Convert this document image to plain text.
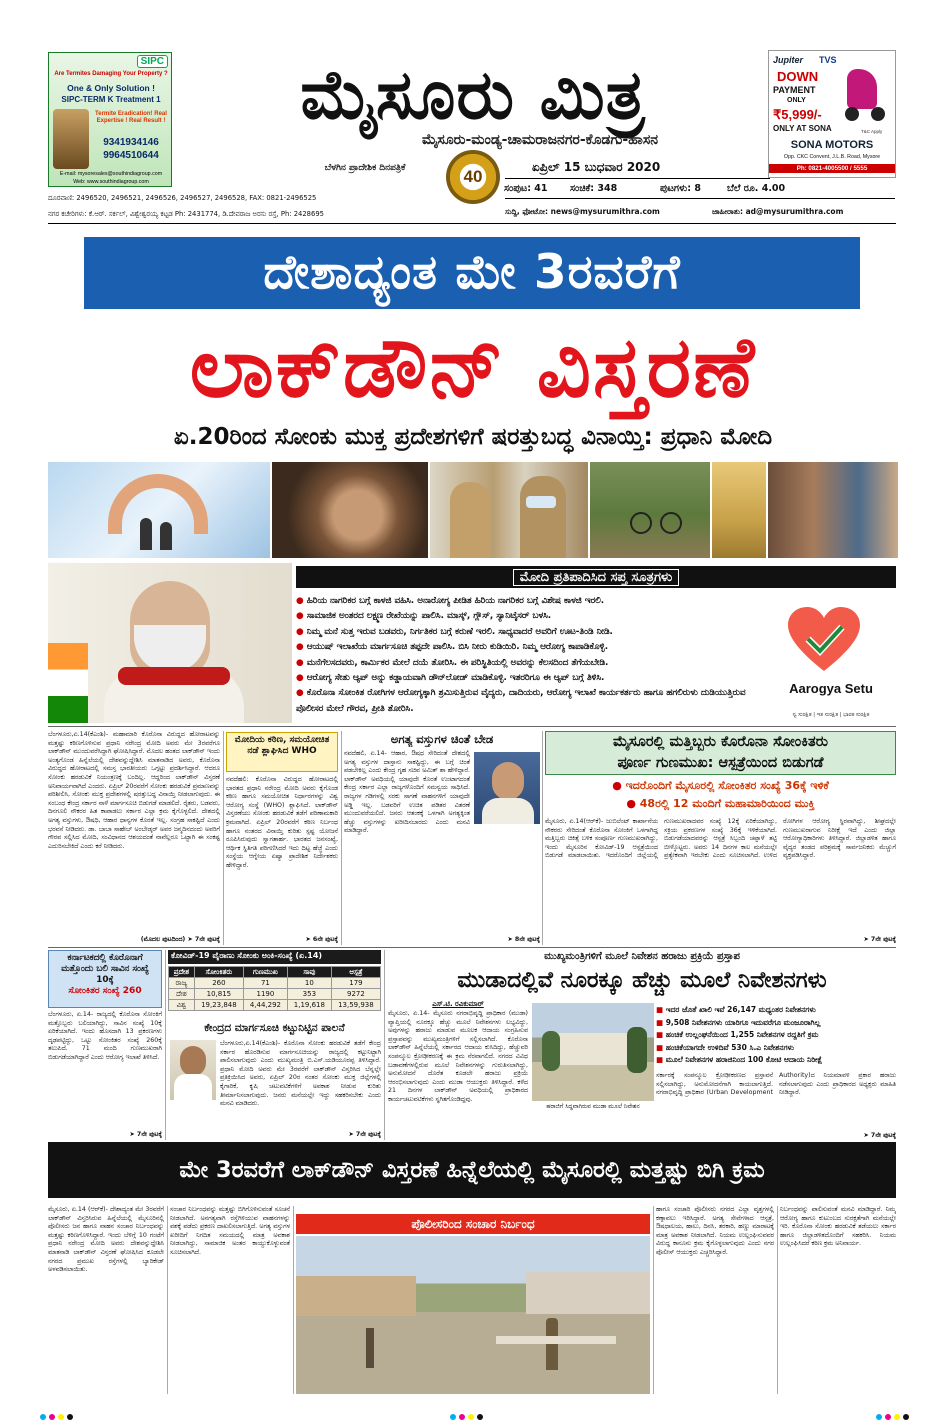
SIPC
Are Termites Damaging Your Property ?
One & Only Solution !
SIPC-TERM K Treatment 1
Termite Eradication! Real Expertise ! Real Result !
9341934146
9964510644
E-mail: mysoresales@southindiagroup.com
Web: www.southindiagroup.com
ಮೈಸೂರು ಮಿತ್ರ
ಮೈಸೂರು-ಮಂಡ್ಯ-ಚಾಮರಾಜನಗರ-ಕೊಡಗು-ಹಾಸನ
ಬೆಳಗಿನ ಪ್ರಾದೇಶಿಕ ದಿನಪತ್ರಿಕೆ	40	ಏಪ್ರಿಲ್ 15 ಬುಧವಾರ 2020
ಸಂಪುಟ: 41 ಸಂಚಿಕೆ: 348	ಪುಟಗಳು: 8	ಬೆಲೆ ರೂ. 4.00
ದೂರವಾಣಿ: 2496520, 2496521, 2496526, 2496527, 2496528, FAX: 0821-2496525
ನಗರ ಕಚೇರಿಗಳು: ಕೆ.ಆರ್. ಸರ್ಕಲ್, ವಿಶ್ವೇಶ್ವರಯ್ಯ ಕಟ್ಟಡ Ph: 2431774, ಡಿ.ದೇವರಾಜ ಅರಸು ರಸ್ತೆ, Ph: 2428695	ಸುದ್ದಿ, ಫೋಟೋ: news@mysurumithra.com	ಜಾಹೀರಾತು: ad@mysurumithra.com
Jupiter TVS
DOWN
PAYMENT
ONLY
₹5,999/-
ONLY AT SONA	T&C Apply
SONA MOTORS
Opp. CKC Convent, J.L.B. Road, Mysore
Ph: 0821-4005500 / 5555
ದೇಶಾದ್ಯಂತ ಮೇ 3ರವರೆಗೆ
ಲಾಕ್‌ಡೌನ್ ವಿಸ್ತರಣೆ
ಏ.20ರಿಂದ ಸೋಂಕು ಮುಕ್ತ ಪ್ರದೇಶಗಳಿಗೆ ಷರತ್ತುಬದ್ಧ ವಿನಾಯ್ತಿ: ಪ್ರಧಾನಿ ಮೋದಿ
ಮೋದಿ ಪ್ರತಿಪಾದಿಸಿದ ಸಪ್ತ ಸೂತ್ರಗಳು
● ಹಿರಿಯ ನಾಗರಿಕರ ಬಗ್ಗೆ ಕಾಳಜಿ ವಹಿಸಿ. ಅನಾರೋಗ್ಯ ಪೀಡಿತ ಹಿರಿಯ ನಾಗರಿಕರ ಬಗ್ಗೆ ವಿಶೇಷ ಕಾಳಜಿ ಇರಲಿ.
● ಸಾಮಾಜಿಕ ಅಂತರದ ಲಕ್ಷ್ಮಣ ರೇಖೆಯನ್ನು ಪಾಲಿಸಿ. ಮಾಸ್ಕ್, ಗ್ಲೌಸ್, ಸ್ಯಾನಿಟೈಸರ್ ಬಳಸಿ.
● ನಿಮ್ಮ ಮನೆ ಸುತ್ತ ಇರುವ ಬಡವರು, ನಿರ್ಗತಿಕರ ಬಗ್ಗೆ ಕರುಣೆ ಇರಲಿ. ಸಾಧ್ಯವಾದರೆ ಅವರಿಗೆ ಊಟ-ತಿಂಡಿ ನೀಡಿ.
● ಆಯುಷ್ ಇಲಾಖೆಯ ಮಾರ್ಗಸೂಚಿ ತಪ್ಪದೇ ಪಾಲಿಸಿ. ಬಿಸಿ ನೀರು ಕುಡಿಯಿರಿ. ನಿಮ್ಮ ಆರೋಗ್ಯ ಕಾಪಾಡಿಕೊಳ್ಳಿ.
● ಮನೆಗೆಲಸದವರು, ಕಾರ್ಮಿಕರ ಮೇಲೆ ದಯೆ ತೋರಿಸಿ. ಈ ಪರಿಸ್ಥಿತಿಯಲ್ಲಿ ಅವರನ್ನು ಕೆಲಸದಿಂದ ತೆಗೆಯಬೇಡಿ.
● ಆರೋಗ್ಯ ಸೇತು ಆ್ಯಪ್ ಅನ್ನು ಕಡ್ಡಾಯವಾಗಿ ಡೌನ್‌ಲೋಡ್ ಮಾಡಿಕೊಳ್ಳಿ. ಇತರರಿಗೂ ಈ ಆ್ಯಪ್ ಬಗ್ಗೆ ತಿಳಿಸಿ.
● ಕೊರೊನಾ ಸೋಂಕಿತ ರೋಗಿಗಳ ಆರೋಗ್ಯಕ್ಕಾಗಿ ಶ್ರಮಿಸುತ್ತಿರುವ ವೈದ್ಯರು, ದಾದಿಯರು, ಆರೋಗ್ಯ ಇಲಾಖೆ ಕಾರ್ಯಕರ್ತರು ಹಾಗೂ ಹಗಲಿರುಳು ದುಡಿಯುತ್ತಿರುವ ಪೊಲೀಸರ ಮೇಲೆ ಗೌರವ, ಪ್ರೀತಿ ತೋರಿಸಿ.
Aarogya Setu
ಸ್ವ ಸುರಕ್ಷಿತ | ಇತ ಸುರಕ್ಷಿತ | ಭಾರತ ಸುರಕ್ಷಿತ
ಬೆಂಗಳೂರು,ಏ.14(ಕೆಎಂಶಿ)- ಮಹಾಮಾರಿ ಕೊರೊನಾ ವಿರುದ್ಧದ ಹೋರಾಟವನ್ನು ಮತ್ತಷ್ಟು ಕಠಿಣಗೊಳಿಸುವ ಪ್ರಧಾನಿ ನರೇಂದ್ರ ಮೋದಿ ಅವರು ಮೇ 3ರವರೆಗೂ ಲಾಕ್‌ಡೌನ್ ಮುಂದುವರೆಸಿದ್ದಾಗಿ ಘೋಷಿಸಿದ್ದಾರೆ. ಮೊದಲ ಹಂತದ ಲಾಕ್‌ಡೌನ್ ಇಂದು ಅಂತ್ಯಗೊಂಡ ಹಿನ್ನೆಲೆಯಲ್ಲಿ ದೇಶವನ್ನುದ್ದೇಶಿಸಿ ಮಾತನಾಡಿದ ಅವರು, ಕೊರೊನಾ ವಿರುದ್ಧದ ಹೋರಾಟದಲ್ಲಿ ಸಮಸ್ತ ಭಾರತೀಯರು ಒಗ್ಗಟ್ಟು ಪ್ರದರ್ಶಿಸಿದ್ದಾರೆ. ಆದರೂ ಸೋಂಕು ಹರಡುವಿಕೆ ನಿಯಂತ್ರಣಕ್ಕೆ ಬಂದಿಲ್ಲ. ಆದ್ದರಿಂದ ಲಾಕ್‌ಡೌನ್ ವಿಸ್ತರಣೆ ಅನಿವಾರ್ಯವಾಗಿದೆ ಎಂದರು. ಏಪ್ರಿಲ್ 20ರವರೆಗೆ ಸೋಂಕು ಹರಡುವಿಕೆ ಪ್ರಮಾಣವನ್ನು ಪರಿಶೀಲಿಸಿ, ಸೋಂಕು ಮುಕ್ತ ಪ್ರದೇಶಗಳಲ್ಲಿ ಷರತ್ತುಬದ್ಧ ವಿನಾಯ್ತಿ ನೀಡಲಾಗುವುದು. ಈ ಸಂಬಂಧ ಕೇಂದ್ರ ಸರ್ಕಾರ ನಾಳೆ ಮಾರ್ಗಸೂಚಿ ಬಿಡುಗಡೆ ಮಾಡಲಿದೆ. ರೈತರು, ಬಡವರು, ದಿನಗೂಲಿ ನೌಕರರ ಹಿತ ಕಾಪಾಡಲು ಸರ್ಕಾರ ಎಲ್ಲಾ ಕ್ರಮ ಕೈಗೊಳ್ಳಲಿದೆ. ದೇಶದಲ್ಲಿ ಅಗತ್ಯ ವಸ್ತುಗಳು, ಔಷಧಿ, ಆಹಾರ ಧಾನ್ಯಗಳ ಕೊರತೆ ಇಲ್ಲ. ಸಂಗ್ರಹ ಸಾಕಷ್ಟಿದೆ ಎಂದು ಭರವಸೆ ನೀಡಿದರು. ಡಾ. ಬಾಬಾ ಸಾಹೇಬ್ ಅಂಬೇಡ್ಕರ್ ಅವರ ಜನ್ಮದಿನದಂದು ಅವರಿಗೆ ಗೌರವ ಸಲ್ಲಿಸಿದ ಮೋದಿ, ಸಂವಿಧಾನದ ಆಶಯದಂತೆ ನಾವೆಲ್ಲರೂ ಒಟ್ಟಾಗಿ ಈ ಸಂಕಷ್ಟ ಎದುರಿಸಬೇಕಿದೆ ಎಂದು ಕರೆ ನೀಡಿದರು.
(ಮೊದಲ ಪುಟದಿಂದ) ➤ 7ನೇ ಪುಟಕ್ಕೆ
ಮೋದಿಯ ಕಠಿಣ, ಸಮಯೋಚಿತ ನಡೆ ಶ್ಲಾಘಿಸಿದ WHO
ನವದೆಹಲಿ: ಕೊರೊನಾ ವಿರುದ್ಧದ ಹೋರಾಟದಲ್ಲಿ ಭಾರತದ ಪ್ರಧಾನಿ ನರೇಂದ್ರ ಮೋದಿ ಅವರು ಕೈಗೊಂಡ ಕಠಿಣ ಹಾಗೂ ಸಮಯೋಚಿತ ನಿರ್ಧಾರಗಳನ್ನು ವಿಶ್ವ ಆರೋಗ್ಯ ಸಂಸ್ಥೆ (WHO) ಶ್ಲಾಘಿಸಿದೆ. ಲಾಕ್‌ಡೌನ್ ವಿಸ್ತರಣೆಯು ಸೋಂಕು ಹರಡುವಿಕೆ ತಡೆಗೆ ಪರಿಣಾಮಕಾರಿ ಕ್ರಮವಾಗಿದೆ. ಏಪ್ರಿಲ್ 20ರವರೆಗೆ ಕಠಿಣ ನಿರ್ಬಂಧ ಹಾಗೂ ನಂತರದ ವಿನಾಯ್ತಿ ಕುರಿತು ಸ್ಪಷ್ಟ ಯೋಜನೆ ರೂಪಿಸಿರುವುದು ಸ್ವಾಗತಾರ್ಹ. ಭಾರತದ ಜನಸಂಖ್ಯೆ, ಆರ್ಥಿಕ ಸ್ಥಿತಿಗತಿ ಪರಿಗಣಿಸಿದರೆ ಇದು ದಿಟ್ಟ ಹೆಜ್ಜೆ ಎಂದು ಸಂಸ್ಥೆಯ ಆಗ್ನೇಯ ಏಷ್ಯಾ ಪ್ರಾದೇಶಿಕ ನಿರ್ದೇಶಕರು ಹೇಳಿದ್ದಾರೆ.
➤ 6ನೇ ಪುಟಕ್ಕೆ
ಅಗತ್ಯ ವಸ್ತುಗಳ ಚಿಂತೆ ಬೇಡ
ನವದೆಹಲಿ, ಏ.14- ಆಹಾರ, ಔಷಧ ಸೇರಿದಂತೆ ದೇಶದಲ್ಲಿ ಅಗತ್ಯ ವಸ್ತುಗಳ ದಾಸ್ತಾನು ಸಾಕಷ್ಟಿದ್ದು, ಈ ಬಗ್ಗೆ ಚಿಂತೆ ಪಡಬೇಕಿಲ್ಲ ಎಂದು ಕೇಂದ್ರ ಗೃಹ ಸಚಿವ ಅಮಿತ್ ಶಾ ಹೇಳಿದ್ದಾರೆ. ಲಾಕ್‌ಡೌನ್ ಅವಧಿಯಲ್ಲಿ ಯಾವುದೇ ಕೊರತೆ ಉಂಟಾಗದಂತೆ ಕೇಂದ್ರ ಸರ್ಕಾರ ಎಲ್ಲಾ ರಾಜ್ಯಗಳೊಂದಿಗೆ ಸಮನ್ವಯ ಸಾಧಿಸಿದೆ. ರಾಜ್ಯಗಳ ಗಡಿಗಳಲ್ಲಿ ಸರಕು ಸಾಗಣೆ ವಾಹನಗಳಿಗೆ ಯಾವುದೇ ಅಡ್ಡಿ ಇಲ್ಲ. ಬಡವರಿಗೆ ಉಚಿತ ಪಡಿತರ ವಿತರಣೆ ಮುಂದುವರೆಯಲಿದೆ. ಜನರು ಆತಂಕಕ್ಕೆ ಒಳಗಾಗಿ ಅಗತ್ಯಕ್ಕಿಂತ ಹೆಚ್ಚು ವಸ್ತುಗಳನ್ನು ಖರೀದಿಸಬಾರದು ಎಂದು ಮನವಿ ಮಾಡಿದ್ದಾರೆ.
➤ 8ನೇ ಪುಟಕ್ಕೆ
ಮೈಸೂರಲ್ಲಿ ಮತ್ತಿಬ್ಬರು ಕೊರೊನಾ ಸೋಂಕಿತರು
ಪೂರ್ಣ ಗುಣಮುಖ: ಆಸ್ಪತ್ರೆಯಿಂದ ಬಿಡುಗಡೆ
● ಇದರೊಂದಿಗೆ ಮೈಸೂರಲ್ಲಿ ಸೋಂಕಿತರ ಸಂಖ್ಯೆ 36ಕ್ಕೆ ಇಳಿಕೆ
● 48ರಲ್ಲಿ 12 ಮಂದಿಗೆ ಮಹಾಮಾರಿಯಿಂದ ಮುಕ್ತಿ
ಮೈಸೂರು, ಏ.14(ಆರ್‌ಕೆ)- ಜುಬಿಲೆಂಟ್ ಕಾರ್ಖಾನೆಯ ನೌಕರರು ಸೇರಿದಂತೆ ಕೊರೊನಾ ಸೋಂಕಿಗೆ ಒಳಗಾಗಿದ್ದ ಮತ್ತಿಬ್ಬರು ಚಿಕಿತ್ಸೆ ಬಳಿಕ ಸಂಪೂರ್ಣ ಗುಣಮುಖರಾಗಿದ್ದು, ಇಂದು ಮೈಸೂರಿನ ಕೋವಿಡ್-19 ಆಸ್ಪತ್ರೆಯಿಂದ ಬಿಡುಗಡೆ ಮಾಡಲಾಯಿತು. ಇದರೊಂದಿಗೆ ಜಿಲ್ಲೆಯಲ್ಲಿ ಗುಣಮುಖರಾದವರ ಸಂಖ್ಯೆ 12ಕ್ಕೆ ಏರಿಕೆಯಾಗಿದ್ದು, ಸಕ್ರಿಯ ಪ್ರಕರಣಗಳ ಸಂಖ್ಯೆ 36ಕ್ಕೆ ಇಳಿಕೆಯಾಗಿದೆ. ಬಿಡುಗಡೆಯಾದವರನ್ನು ಆಸ್ಪತ್ರೆ ಸಿಬ್ಬಂದಿ ಚಪ್ಪಾಳೆ ತಟ್ಟಿ ಬೀಳ್ಕೊಟ್ಟರು. ಅವರು 14 ದಿನಗಳ ಕಾಲ ಮನೆಯಲ್ಲೇ ಪ್ರತ್ಯೇಕವಾಗಿ ಇರಬೇಕು ಎಂದು ಸೂಚಿಸಲಾಗಿದೆ. ಉಳಿದ ರೋಗಿಗಳ ಆರೋಗ್ಯ ಸ್ಥಿರವಾಗಿದ್ದು, ಶೀಘ್ರದಲ್ಲೇ ಗುಣಮುಖರಾಗುವ ನಿರೀಕ್ಷೆ ಇದೆ ಎಂದು ಜಿಲ್ಲಾ ಆರೋಗ್ಯಾಧಿಕಾರಿಗಳು ತಿಳಿಸಿದ್ದಾರೆ. ಜಿಲ್ಲಾಡಳಿತ ಹಾಗೂ ವೈದ್ಯರ ತಂಡದ ಪರಿಶ್ರಮಕ್ಕೆ ಸಾರ್ವಜನಿಕರು ಮೆಚ್ಚುಗೆ ವ್ಯಕ್ತಪಡಿಸಿದ್ದಾರೆ.
➤ 7ನೇ ಪುಟಕ್ಕೆ
ಕರ್ನಾಟಕದಲ್ಲಿ ಕೊರೊನಾಗೆ ಮತ್ತೊಂದು ಬಲಿ ಸಾವಿನ ಸಂಖ್ಯೆ 10ಕ್ಕೆ
ಸೋಂಕಿತರ ಸಂಖ್ಯೆ 260
ಬೆಂಗಳೂರು, ಏ.14- ರಾಜ್ಯದಲ್ಲಿ ಕೊರೊನಾ ಸೋಂಕಿಗೆ ಮತ್ತೊಬ್ಬರು ಬಲಿಯಾಗಿದ್ದು, ಸಾವಿನ ಸಂಖ್ಯೆ 10ಕ್ಕೆ ಏರಿಕೆಯಾಗಿದೆ. ಇಂದು ಹೊಸದಾಗಿ 13 ಪ್ರಕರಣಗಳು ದೃಢಪಟ್ಟಿದ್ದು, ಒಟ್ಟು ಸೋಂಕಿತರ ಸಂಖ್ಯೆ 260ಕ್ಕೆ ತಲುಪಿದೆ. 71 ಮಂದಿ ಗುಣಮುಖರಾಗಿ ಬಿಡುಗಡೆಯಾಗಿದ್ದಾರೆ ಎಂದು ಆರೋಗ್ಯ ಇಲಾಖೆ ತಿಳಿಸಿದೆ.
➤ 7ನೇ ಪುಟಕ್ಕೆ
ಕೋವಿಡ್-19 ವೈರಾಣು ಸೋಂಕು ಅಂಕಿ-ಸಂಖ್ಯೆ (ಏ.14)
ಪ್ರದೇಶ	ಸೋಂಕಿತರು	ಗುಣಮುಖ	ಸಾವು	ಆಸ್ಪತ್ರೆ
ರಾಜ್ಯ	260	71	10	179
ದೇಶ	10,815	1190	353	9272
ವಿಶ್ವ	19,23,848	4,44,292	1,19,618	13,59,938
ಕೇಂದ್ರದ ಮಾರ್ಗಸೂಚಿ ಕಟ್ಟುನಿಟ್ಟಿನ ಪಾಲನೆ
ಬೆಂಗಳೂರು,ಏ.14(ಕೆಎಂಶಿ)- ಕೊರೊನಾ ಸೋಂಕು ಹರಡುವಿಕೆ ತಡೆಗೆ ಕೇಂದ್ರ ಸರ್ಕಾರ ಹೊರಡಿಸುವ ಮಾರ್ಗಸೂಚಿಯನ್ನು ರಾಜ್ಯದಲ್ಲಿ ಕಟ್ಟುನಿಟ್ಟಾಗಿ ಪಾಲಿಸಲಾಗುವುದು ಎಂದು ಮುಖ್ಯಮಂತ್ರಿ ಬಿ.ಎಸ್.ಯಡಿಯೂರಪ್ಪ ತಿಳಿಸಿದ್ದಾರೆ. ಪ್ರಧಾನಿ ಮೋದಿ ಅವರು ಮೇ 3ರವರೆಗೆ ಲಾಕ್‌ಡೌನ್ ವಿಸ್ತರಿಸಿದ ಬೆನ್ನಲ್ಲೇ ಪ್ರತಿಕ್ರಿಯಿಸಿದ ಅವರು, ಏಪ್ರಿಲ್ 20ರ ನಂತರ ಸೋಂಕು ಮುಕ್ತ ಜಿಲ್ಲೆಗಳಲ್ಲಿ ಕೈಗಾರಿಕೆ, ಕೃಷಿ ಚಟುವಟಿಕೆಗಳಿಗೆ ಅವಕಾಶ ನೀಡುವ ಕುರಿತು ತೀರ್ಮಾನಿಸಲಾಗುವುದು. ಜನರು ಮನೆಯಲ್ಲೇ ಇದ್ದು ಸಹಕರಿಸಬೇಕು ಎಂದು ಮನವಿ ಮಾಡಿದರು.
➤ 7ನೇ ಪುಟಕ್ಕೆ
ಮುಖ್ಯಮಂತ್ರಿಗಳಿಗೆ ಮೂಲೆ ನಿವೇಶನ ಹರಾಜು ಪ್ರಕ್ರಿಯೆ ಪ್ರಸ್ತಾಪ
ಮುಡಾದಲ್ಲಿವೆ ನೂರಕ್ಕೂ ಹೆಚ್ಚು ಮೂಲೆ ನಿವೇಶನಗಳು
ಎಸ್.ಟಿ. ರವಿಕುಮಾರ್
ಮೈಸೂರು, ಏ.14- ಮೈಸೂರು ನಗರಾಭಿವೃದ್ಧಿ ಪ್ರಾಧಿಕಾರ (ಮುಡಾ) ವ್ಯಾಪ್ತಿಯಲ್ಲಿ ನೂರಕ್ಕೂ ಹೆಚ್ಚು ಮೂಲೆ ನಿವೇಶನಗಳು ಲಭ್ಯವಿದ್ದು, ಅವುಗಳನ್ನು ಹರಾಜು ಮಾಡುವ ಮೂಲಕ ಆದಾಯ ಸಂಗ್ರಹಿಸುವ ಪ್ರಸ್ತಾಪವನ್ನು ಮುಖ್ಯಮಂತ್ರಿಗಳಿಗೆ ಸಲ್ಲಿಸಲಾಗಿದೆ. ಕೊರೊನಾ ಲಾಕ್‌ಡೌನ್ ಹಿನ್ನೆಲೆಯಲ್ಲಿ ಸರ್ಕಾರದ ಆದಾಯ ಕುಸಿದಿದ್ದು, ಹೆಚ್ಚುವರಿ ಸಂಪನ್ಮೂಲ ಕ್ರೋಢೀಕರಣಕ್ಕೆ ಈ ಕ್ರಮ ನೆರವಾಗಲಿದೆ. ನಗರದ ವಿವಿಧ ಬಡಾವಣೆಗಳಲ್ಲಿರುವ ಮೂಲೆ ನಿವೇಶನಗಳನ್ನು ಗುರುತಿಸಲಾಗಿದ್ದು, ಅನುಮೋದನೆ ದೊರೆತ ಕೂಡಲೇ ಹರಾಜು ಪ್ರಕ್ರಿಯೆ ಆರಂಭಿಸಲಾಗುವುದು ಎಂದು ಮುಡಾ ಆಯುಕ್ತರು ತಿಳಿಸಿದ್ದಾರೆ. ಕಳೆದ 21 ದಿನಗಳ ಲಾಕ್‌ಡೌನ್ ಅವಧಿಯಲ್ಲಿ ಪ್ರಾಧಿಕಾರದ ಕಾರ್ಯಚಟುವಟಿಕೆಗಳು ಸ್ಥಗಿತಗೊಂಡಿದ್ದವು.
ಹರಾಜಿಗೆ ಸಿದ್ಧವಾಗಿರುವ ಮುಡಾ ಮೂಲೆ ನಿವೇಶನ
ಸರ್ಕಾರಕ್ಕೆ ಸಂಪನ್ಮೂಲ ಕ್ರೋಢೀಕರಣದ ಪ್ರಸ್ತಾವನೆ ಸಲ್ಲಿಸಲಾಗಿದ್ದು, ಅನುಮೋದನೆಗಾಗಿ ಕಾಯಲಾಗುತ್ತಿದೆ. ನಗರಾಭಿವೃದ್ಧಿ ಪ್ರಾಧಿಕಾರ (Urban Development Authority)ದ ನಿಯಮಾವಳಿ ಪ್ರಕಾರ ಹರಾಜು ನಡೆಸಲಾಗುವುದು ಎಂದು ಪ್ರಾಧಿಕಾರದ ಅಧ್ಯಕ್ಷರು ಮಾಹಿತಿ ನೀಡಿದ್ದಾರೆ.
■ ಇದರ ಜೊತೆ ಖಾಲಿ ಇವೆ 26,147 ಮಧ್ಯಂತರ ನಿವೇಶನಗಳು
■ 9,508 ನಿವೇಶನಗಳು ಯಾರಿಗೂ ಇದುವರೆಗೂ ಮಂಜೂರಾಗಿಲ್ಲ
■ ಹಂಚಿಕೆ ಉಲ್ಲಂಘನೆಯಿಂದ 1,255 ನಿವೇಶನಗಳ ರದ್ದತಿಗೆ ಕ್ರಮ
■ ಹಂಚಿಕೆಯಾಗದೇ ಉಳಿದಿವೆ 530 ಸಿ.ಎ ನಿವೇಶನಗಳು
■ ಮೂಲೆ ನಿವೇಶನಗಳ ಹರಾಜಿನಿಂದ 100 ಕೋಟಿ ಆದಾಯ ನಿರೀಕ್ಷೆ
➤ 7ನೇ ಪುಟಕ್ಕೆ
ಮೇ 3ರವರೆಗೆ ಲಾಕ್‌ಡೌನ್ ವಿಸ್ತರಣೆ ಹಿನ್ನೆಲೆಯಲ್ಲಿ ಮೈಸೂರಲ್ಲಿ ಮತ್ತಷ್ಟು ಬಿಗಿ ಕ್ರಮ
ಮೈಸೂರು, ಏ.14 (ಆರ್‌ಕೆ)- ದೇಶಾದ್ಯಂತ ಮೇ 3ರವರೆಗೆ ಲಾಕ್‌ಡೌನ್ ವಿಸ್ತರಿಸಿರುವ ಹಿನ್ನೆಲೆಯಲ್ಲಿ ಮೈಸೂರಿನಲ್ಲಿ ಪೊಲೀಸರು ಜನ ಹಾಗೂ ವಾಹನ ಸಂಚಾರ ನಿರ್ಬಂಧವನ್ನು ಮತ್ತಷ್ಟು ಕಠಿಣಗೊಳಿಸಿದ್ದಾರೆ. ಇಂದು ಬೆಳಿಗ್ಗೆ 10 ಗಂಟೆಗೆ ಪ್ರಧಾನಿ ನರೇಂದ್ರ ಮೋದಿ ಅವರು ದೇಶವನ್ನುದ್ದೇಶಿಸಿ ಮಾತನಾಡಿ ಲಾಕ್‌ಡೌನ್ ವಿಸ್ತರಣೆ ಘೋಷಿಸಿದ ಕೂಡಲೇ ನಗರದ ಪ್ರಮುಖ ರಸ್ತೆಗಳಲ್ಲಿ ಬ್ಯಾರಿಕೇಡ್ ಅಳವಡಿಸಲಾಯಿತು.
ಸಂಚಾರ ನಿರ್ಬಂಧವನ್ನು ಮತ್ತಷ್ಟು ಬಿಗಿಗೊಳಿಸುವಂತೆ ಸೂಚನೆ ನೀಡಲಾಗಿದೆ. ಅನಗತ್ಯವಾಗಿ ರಸ್ತೆಗಿಳಿಯುವ ವಾಹನಗಳನ್ನು ವಶಕ್ಕೆ ಪಡೆದು ಪ್ರಕರಣ ದಾಖಲಿಸಲಾಗುತ್ತಿದೆ. ಅಗತ್ಯ ವಸ್ತುಗಳ ಖರೀದಿಗೆ ನಿಗದಿತ ಸಮಯದಲ್ಲಿ ಮಾತ್ರ ಅವಕಾಶ ನೀಡಲಾಗಿದ್ದು, ಸಾಮಾಜಿಕ ಅಂತರ ಕಾಯ್ದುಕೊಳ್ಳುವಂತೆ ಸೂಚಿಸಲಾಗಿದೆ.
ಪೊಲೀಸರಿಂದ ಸಂಚಾರ ನಿರ್ಬಂಧ
ಹಾಗೂ ಸಂಚಾರಿ ಪೊಲೀಸರು ನಗರದ ಎಲ್ಲಾ ವೃತ್ತಗಳಲ್ಲಿ ಕಣ್ಗಾವಲು ಇರಿಸಿದ್ದಾರೆ. ಅಗತ್ಯ ಸೇವೆಗಳಾದ ಆಸ್ಪತ್ರೆ, ಔಷಧಾಲಯ, ಹಾಲು, ದಿನಸಿ, ತರಕಾರಿ, ಹಣ್ಣು ಮಾರಾಟಕ್ಕೆ ಮಾತ್ರ ಅವಕಾಶ ನೀಡಲಾಗಿದೆ. ನಿಯಮ ಉಲ್ಲಂಘಿಸುವವರ ವಿರುದ್ಧ ಕಾನೂನು ಕ್ರಮ ಕೈಗೊಳ್ಳಲಾಗುವುದು ಎಂದು ನಗರ ಪೊಲೀಸ್ ಆಯುಕ್ತರು ಎಚ್ಚರಿಸಿದ್ದಾರೆ.
ನಿರ್ಬಂಧವನ್ನು ಪಾಲಿಸುವಂತೆ ಮನವಿ ಮಾಡಿದ್ದಾರೆ. ನಿಮ್ಮ ಆರೋಗ್ಯ ಹಾಗೂ ಕುಟುಂಬದ ಸುರಕ್ಷತೆಗಾಗಿ ಮನೆಯಲ್ಲೇ ಇರಿ. ಕೊರೊನಾ ಸೋಂಕು ಹರಡುವಿಕೆ ತಡೆಯಲು ಸರ್ಕಾರ ಹಾಗೂ ಜಿಲ್ಲಾಡಳಿತದೊಂದಿಗೆ ಸಹಕರಿಸಿ. ನಿಯಮ ಉಲ್ಲಂಘಿಸಿದರೆ ಕಠಿಣ ಕ್ರಮ ಅನಿವಾರ್ಯ.
